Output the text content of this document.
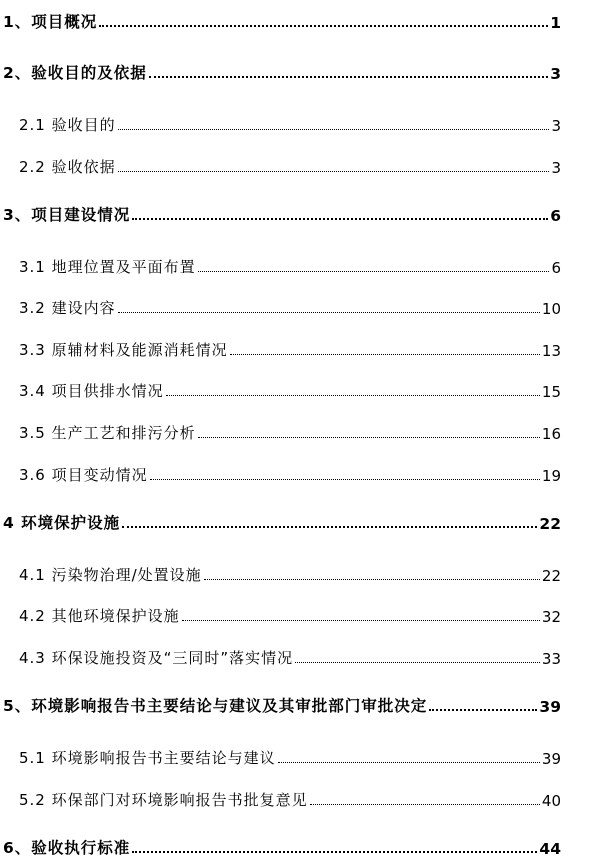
1、项目概况	1
2、验收目的及依据	3
2.1 验收目的	3
2.2 验收依据	3
3、项目建设情况	6
3.1 地理位置及平面布置	6
3.2 建设内容	10
3.3 原辅材料及能源消耗情况	13
3.4 项目供排水情况	15
3.5 生产工艺和排污分析	16
3.6 项目变动情况	19
4 环境保护设施	22
4.1 污染物治理/处置设施	22
4.2 其他环境保护设施	32
4.3 环保设施投资及“三同时”落实情况	33
5、环境影响报告书主要结论与建议及其审批部门审批决定	39
5.1 环境影响报告书主要结论与建议	39
5.2 环保部门对环境影响报告书批复意见	40
6、验收执行标准	44
